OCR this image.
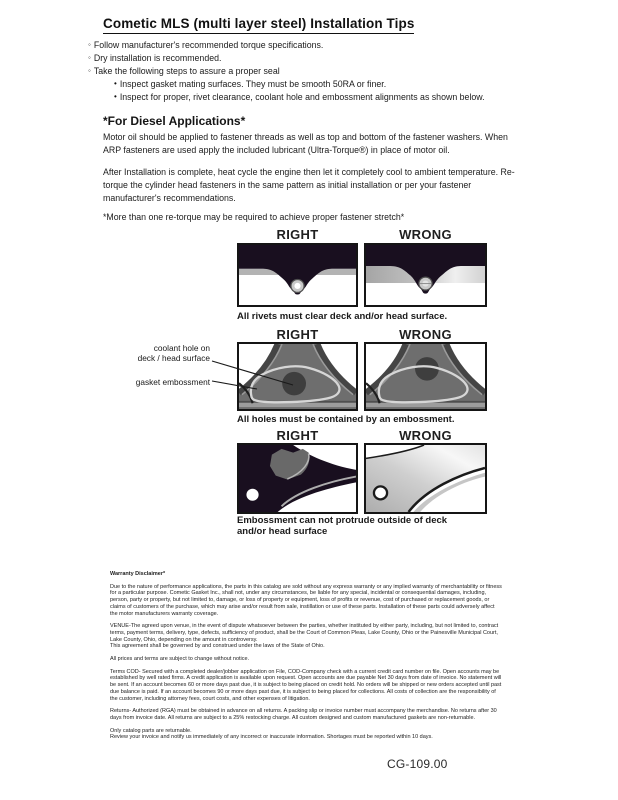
Cometic MLS (multi layer steel) Installation Tips
◦ Follow manufacturer's recommended torque specifications.
◦ Dry installation is recommended.
◦ Take the following steps to assure a proper seal
• Inspect gasket mating surfaces. They must be smooth 50RA or finer.
• Inspect for proper, rivet clearance, coolant hole and embossment alignments as shown below.
*For Diesel Applications*
Motor oil should be applied to fastener threads as well as top and bottom of the fastener washers. When ARP fasteners are used apply the included lubricant (Ultra-Torque®) in place of motor oil.
After Installation is complete, heat cycle the engine then let it completely cool to ambient temperature. Re-torque the cylinder head fasteners in the same pattern as initial installation or per your fastener manufacturer's recommendations.
*More than one re-torque may be required to achieve proper fastener stretch*
RIGHT	WRONG
All rivets must clear deck and/or head surface.
RIGHT	WRONG
coolant hole on
deck / head surface
gasket embossment
All holes must be contained by an embossment.
RIGHT	WRONG
Embossment can not protrude outside of deck
and/or head surface

Warranty Disclaimer*

Due to the nature of performance applications, the parts in this catalog are sold without any express warranty or any implied warranty of merchantability or fitness for a particular purpose. Cometic Gasket Inc., shall not, under any circumstances, be liable for any special, incidental or consequential damages, including, person, party or property, but not limited to, damage, or loss of property or equipment, loss of profits or revenue, cost of purchased or replacement goods, or claims of customers of the purchase, which may arise and/or result from sale, instillation or use of these parts. Installation of these parts could adversely affect the motor manufacturers warranty coverage.

VENUE-The agreed upon venue, in the event of dispute whatsoever between the parties, whether instituted by either party, including, but not limited to, contract terms, payment terms, delivery, type, defects, sufficiency of product, shall be the Court of Common Pleas, Lake County, Ohio or the Painesville Municipal Court, Lake County, Ohio, depending on the amount in controversy.
This agreement shall be governed by and construed under the laws of the State of Ohio.

All prices and terms are subject to change without notice.

Terms COD- Secured with a completed dealer/jobber application on File, COD-Company check with a current credit card number on file. Open accounts may be established by well rated firms. A credit application is available upon request. Open accounts are due payable Net 30 days from date of invoice. No statement will be sent. If an account becomes 60 or more days past due, it is subject to being placed on credit hold. No orders will be shipped or new orders accepted until past due balance is paid. If an account becomes 90 or more days past due, it is subject to being placed for collections. All costs of collection are the responsibility of the customer, including attorney fees, court costs, and other expenses of litigation.

Returns- Authorized (RGA) must be obtained in advance on all returns. A packing slip or invoice number must accompany the merchandise. No returns after 30 days from invoice date. All returns are subject to a 25% restocking charge. All custom designed and custom manufactured gaskets are non-returnable.

Only catalog parts are returnable.
Review your invoice and notify us immediately of any incorrect or inaccurate information. Shortages must be reported within 10 days.

CG-109.00
